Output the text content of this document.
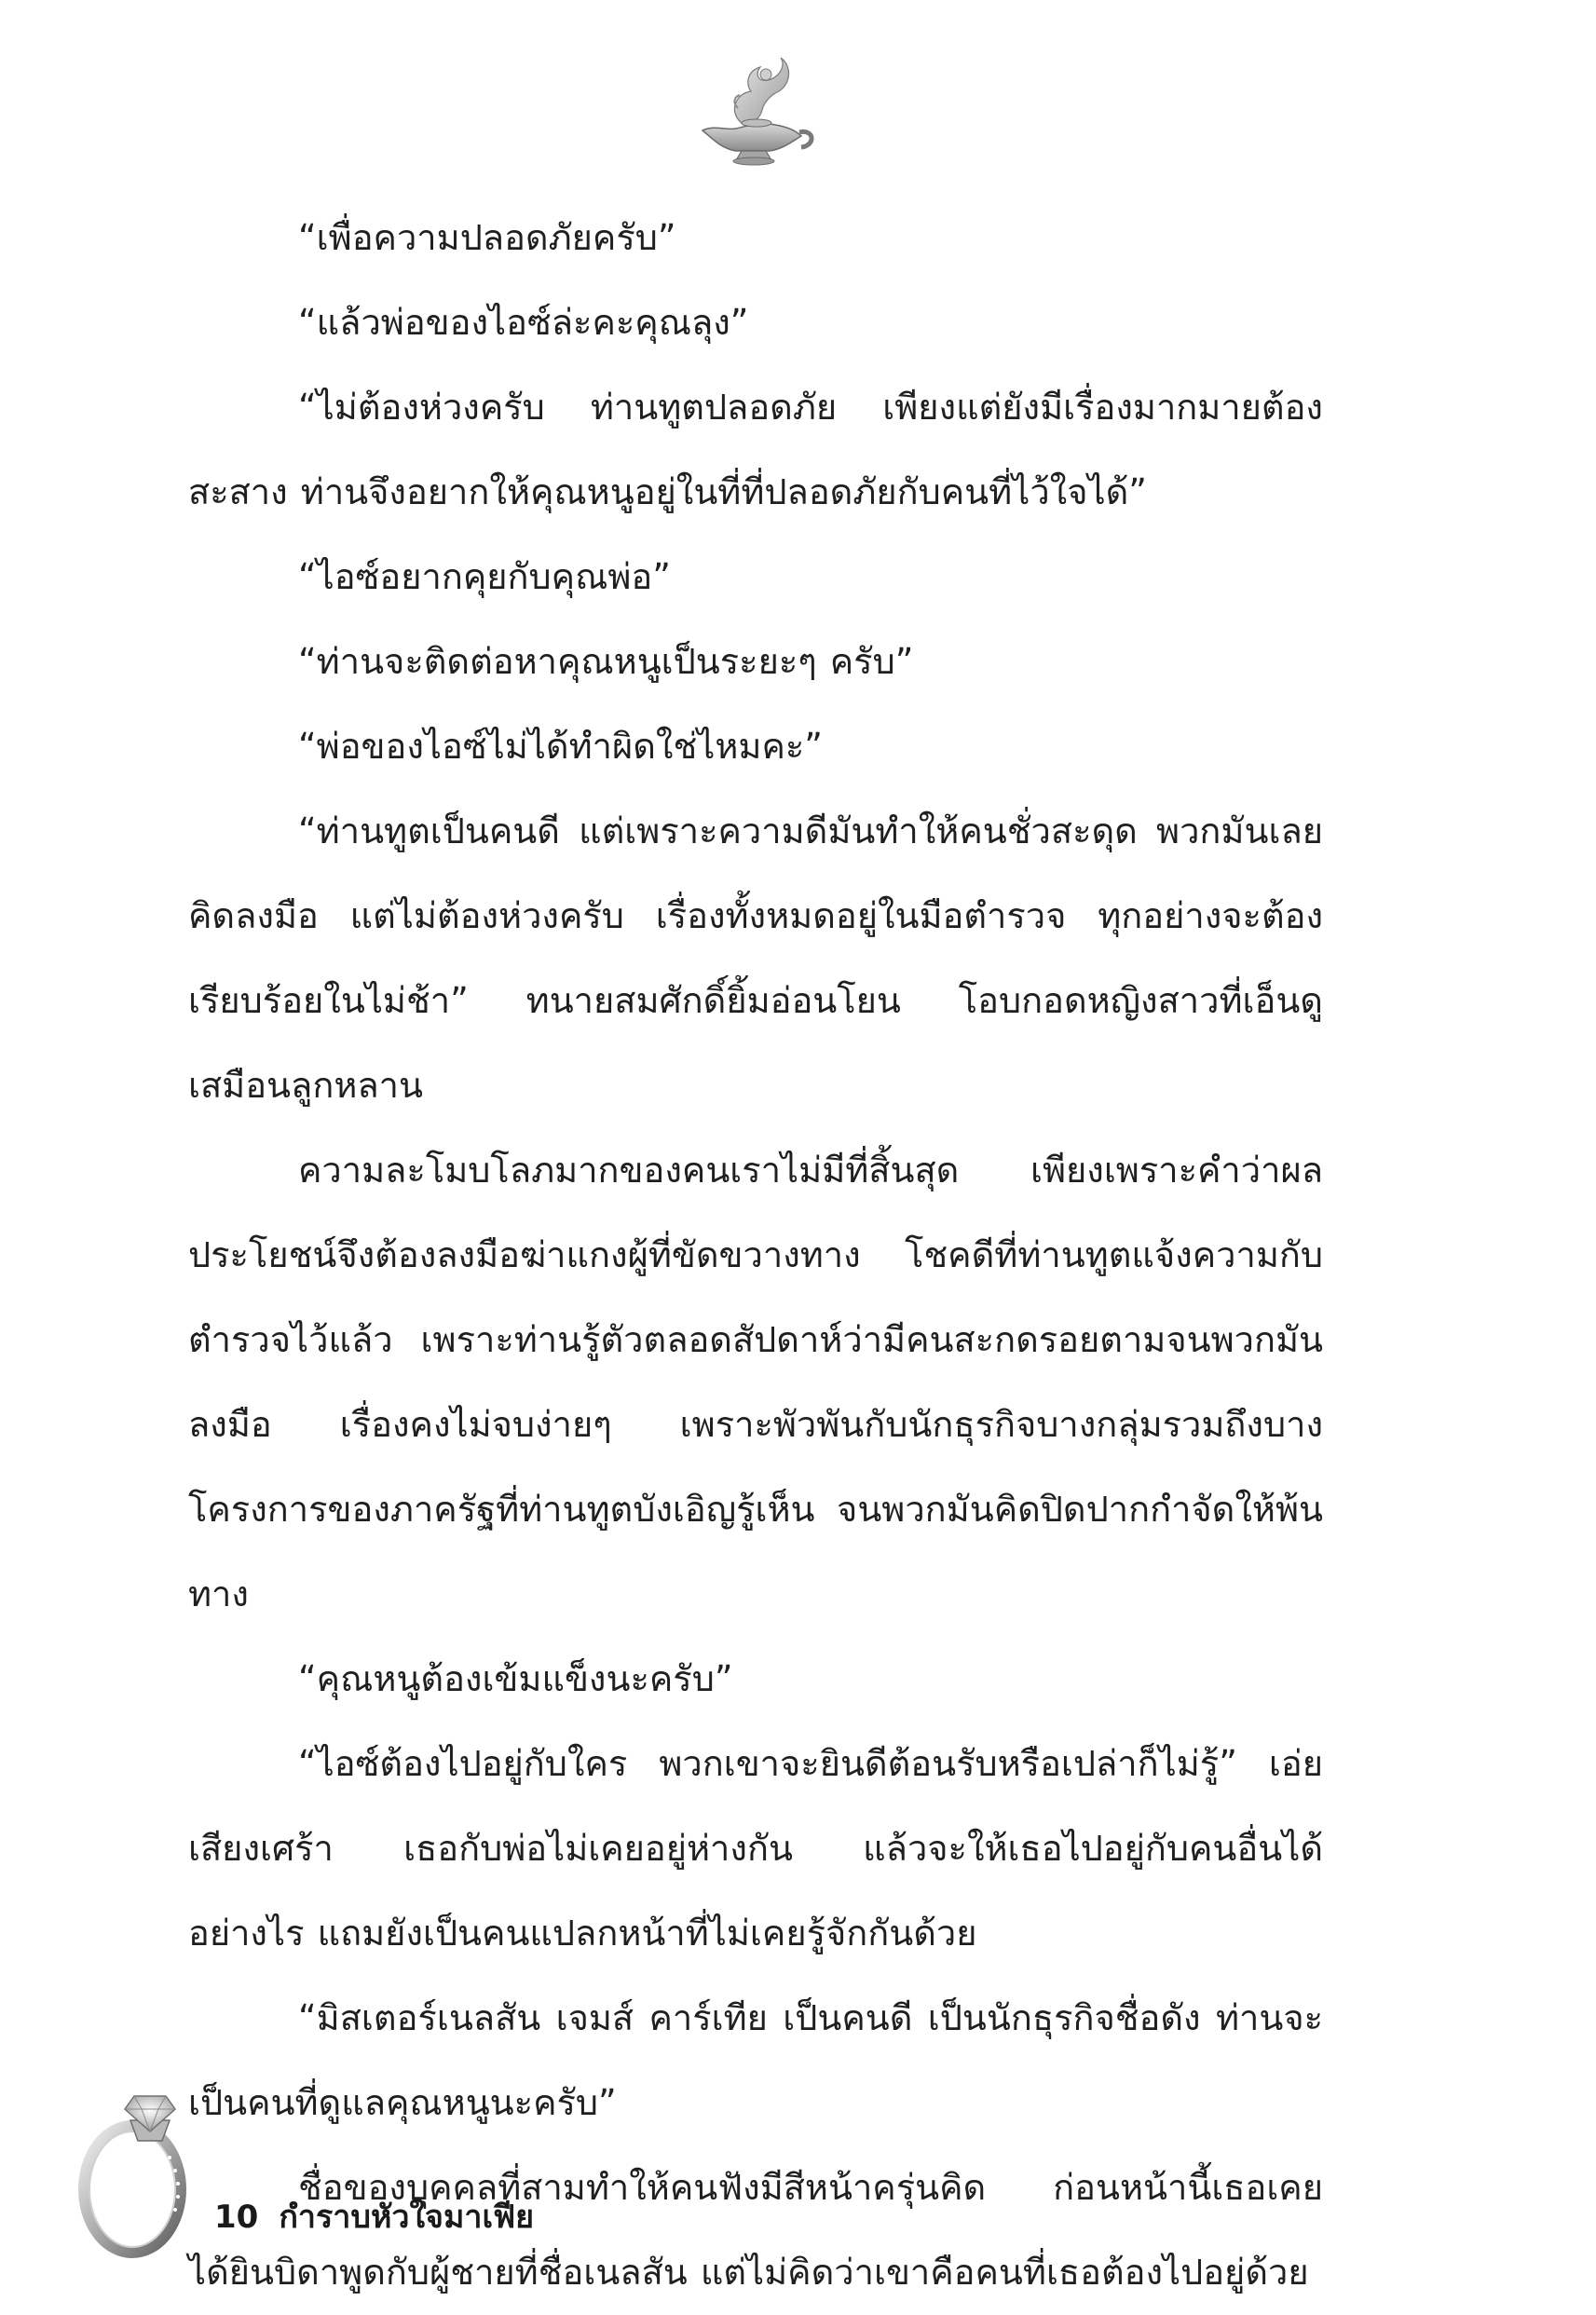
“เพื่อความปลอดภัยครับ”

“แล้วพ่อของไอซ์ล่ะคะคุณลุง”

“ไม่ต้องห่วงครับ ท่านทูตปลอดภัย เพียงแต่ยังมีเรื่องมากมายต้องสะสาง ท่านจึงอยากให้คุณหนูอยู่ในที่ที่ปลอดภัยกับคนที่ไว้ใจได้”

“ไอซ์อยากคุยกับคุณพ่อ”

“ท่านจะติดต่อหาคุณหนูเป็นระยะๆ ครับ”

“พ่อของไอซ์ไม่ได้ทำผิดใช่ไหมคะ”

“ท่านทูตเป็นคนดี แต่เพราะความดีมันทำให้คนชั่วสะดุด พวกมันเลยคิดลงมือ แต่ไม่ต้องห่วงครับ เรื่องทั้งหมดอยู่ในมือตำรวจ ทุกอย่างจะต้องเรียบร้อยในไม่ช้า” ทนายสมศักดิ์ยิ้มอ่อนโยน โอบกอดหญิงสาวที่เอ็นดูเสมือนลูกหลาน

ความละโมบโลภมากของคนเราไม่มีที่สิ้นสุด เพียงเพราะคำว่าผลประโยชน์จึงต้องลงมือฆ่าแกงผู้ที่ขัดขวางทาง โชคดีที่ท่านทูตแจ้งความกับตำรวจไว้แล้ว เพราะท่านรู้ตัวตลอดสัปดาห์ว่ามีคนสะกดรอยตามจนพวกมันลงมือ เรื่องคงไม่จบง่ายๆ เพราะพัวพันกับนักธุรกิจบางกลุ่มรวมถึงบางโครงการของภาครัฐที่ท่านทูตบังเอิญรู้เห็น จนพวกมันคิดปิดปากกำจัดให้พ้นทาง

“คุณหนูต้องเข้มแข็งนะครับ”

“ไอซ์ต้องไปอยู่กับใคร พวกเขาจะยินดีต้อนรับหรือเปล่าก็ไม่รู้” เอ่ยเสียงเศร้า เธอกับพ่อไม่เคยอยู่ห่างกัน แล้วจะให้เธอไปอยู่กับคนอื่นได้อย่างไร แถมยังเป็นคนแปลกหน้าที่ไม่เคยรู้จักกันด้วย

“มิสเตอร์เนลสัน เจมส์ คาร์เทีย เป็นคนดี เป็นนักธุรกิจชื่อดัง ท่านจะเป็นคนที่ดูแลคุณหนูนะครับ”

ชื่อของบุคคลที่สามทำให้คนฟังมีสีหน้าครุ่นคิด ก่อนหน้านี้เธอเคยได้ยินบิดาพูดกับผู้ชายที่ชื่อเนลสัน แต่ไม่คิดว่าเขาคือคนที่เธอต้องไปอยู่ด้วย

10 กำราบหัวใจมาเฟีย
